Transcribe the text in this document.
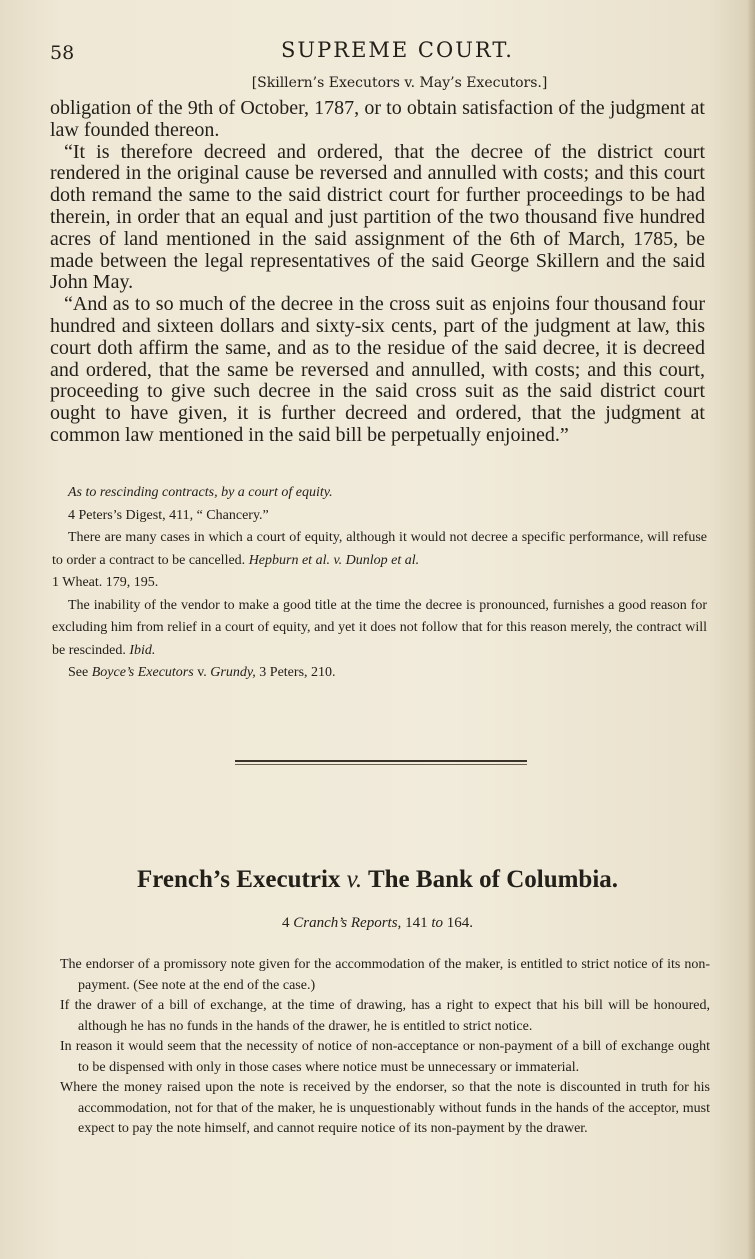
58	SUPREME COURT.
[Skillern’s Executors v. May’s Executors.]

obligation of the 9th of October, 1787, or to obtain satisfaction of the judgment at law founded thereon.

“It is therefore decreed and ordered, that the decree of the district court rendered in the original cause be reversed and annulled with costs; and this court doth remand the same to the said district court for further proceedings to be had therein, in order that an equal and just partition of the two thousand five hundred acres of land mentioned in the said assignment of the 6th of March, 1785, be made between the legal representatives of the said George Skillern and the said John May.

“And as to so much of the decree in the cross suit as enjoins four thousand four hundred and sixteen dollars and sixty-six cents, part of the judgment at law, this court doth affirm the same, and as to the residue of the said decree, it is decreed and ordered, that the same be reversed and annulled, with costs; and this court, proceeding to give such decree in the said cross suit as the said district court ought to have given, it is further decreed and ordered, that the judgment at common law mentioned in the said bill be perpetually enjoined.”

As to rescinding contracts, by a court of equity.

4 Peters’s Digest, 411, “ Chancery.”

There are many cases in which a court of equity, although it would not decree a specific performance, will refuse to order a contract to be cancelled. Hepburn et al. v. Dunlop et al.

1 Wheat. 179, 195.

The inability of the vendor to make a good title at the time the decree is pronounced, furnishes a good reason for excluding him from relief in a court of equity, and yet it does not follow that for this reason merely, the contract will be rescinded. Ibid.

See Boyce’s Executors v. Grundy, 3 Peters, 210.

French’s Executrix v. The Bank of Columbia.
4 Cranch’s Reports, 141 to 164.

The endorser of a promissory note given for the accommodation of the maker, is entitled to strict notice of its non-payment. (See note at the end of the case.)

If the drawer of a bill of exchange, at the time of drawing, has a right to expect that his bill will be honoured, although he has no funds in the hands of the drawer, he is entitled to strict notice.

In reason it would seem that the necessity of notice of non-acceptance or non-payment of a bill of exchange ought to be dispensed with only in those cases where notice must be unnecessary or immaterial.

Where the money raised upon the note is received by the endorser, so that the note is discounted in truth for his accommodation, not for that of the maker, he is unquestionably without funds in the hands of the acceptor, must expect to pay the note himself, and cannot require notice of its non-payment by the drawer.
